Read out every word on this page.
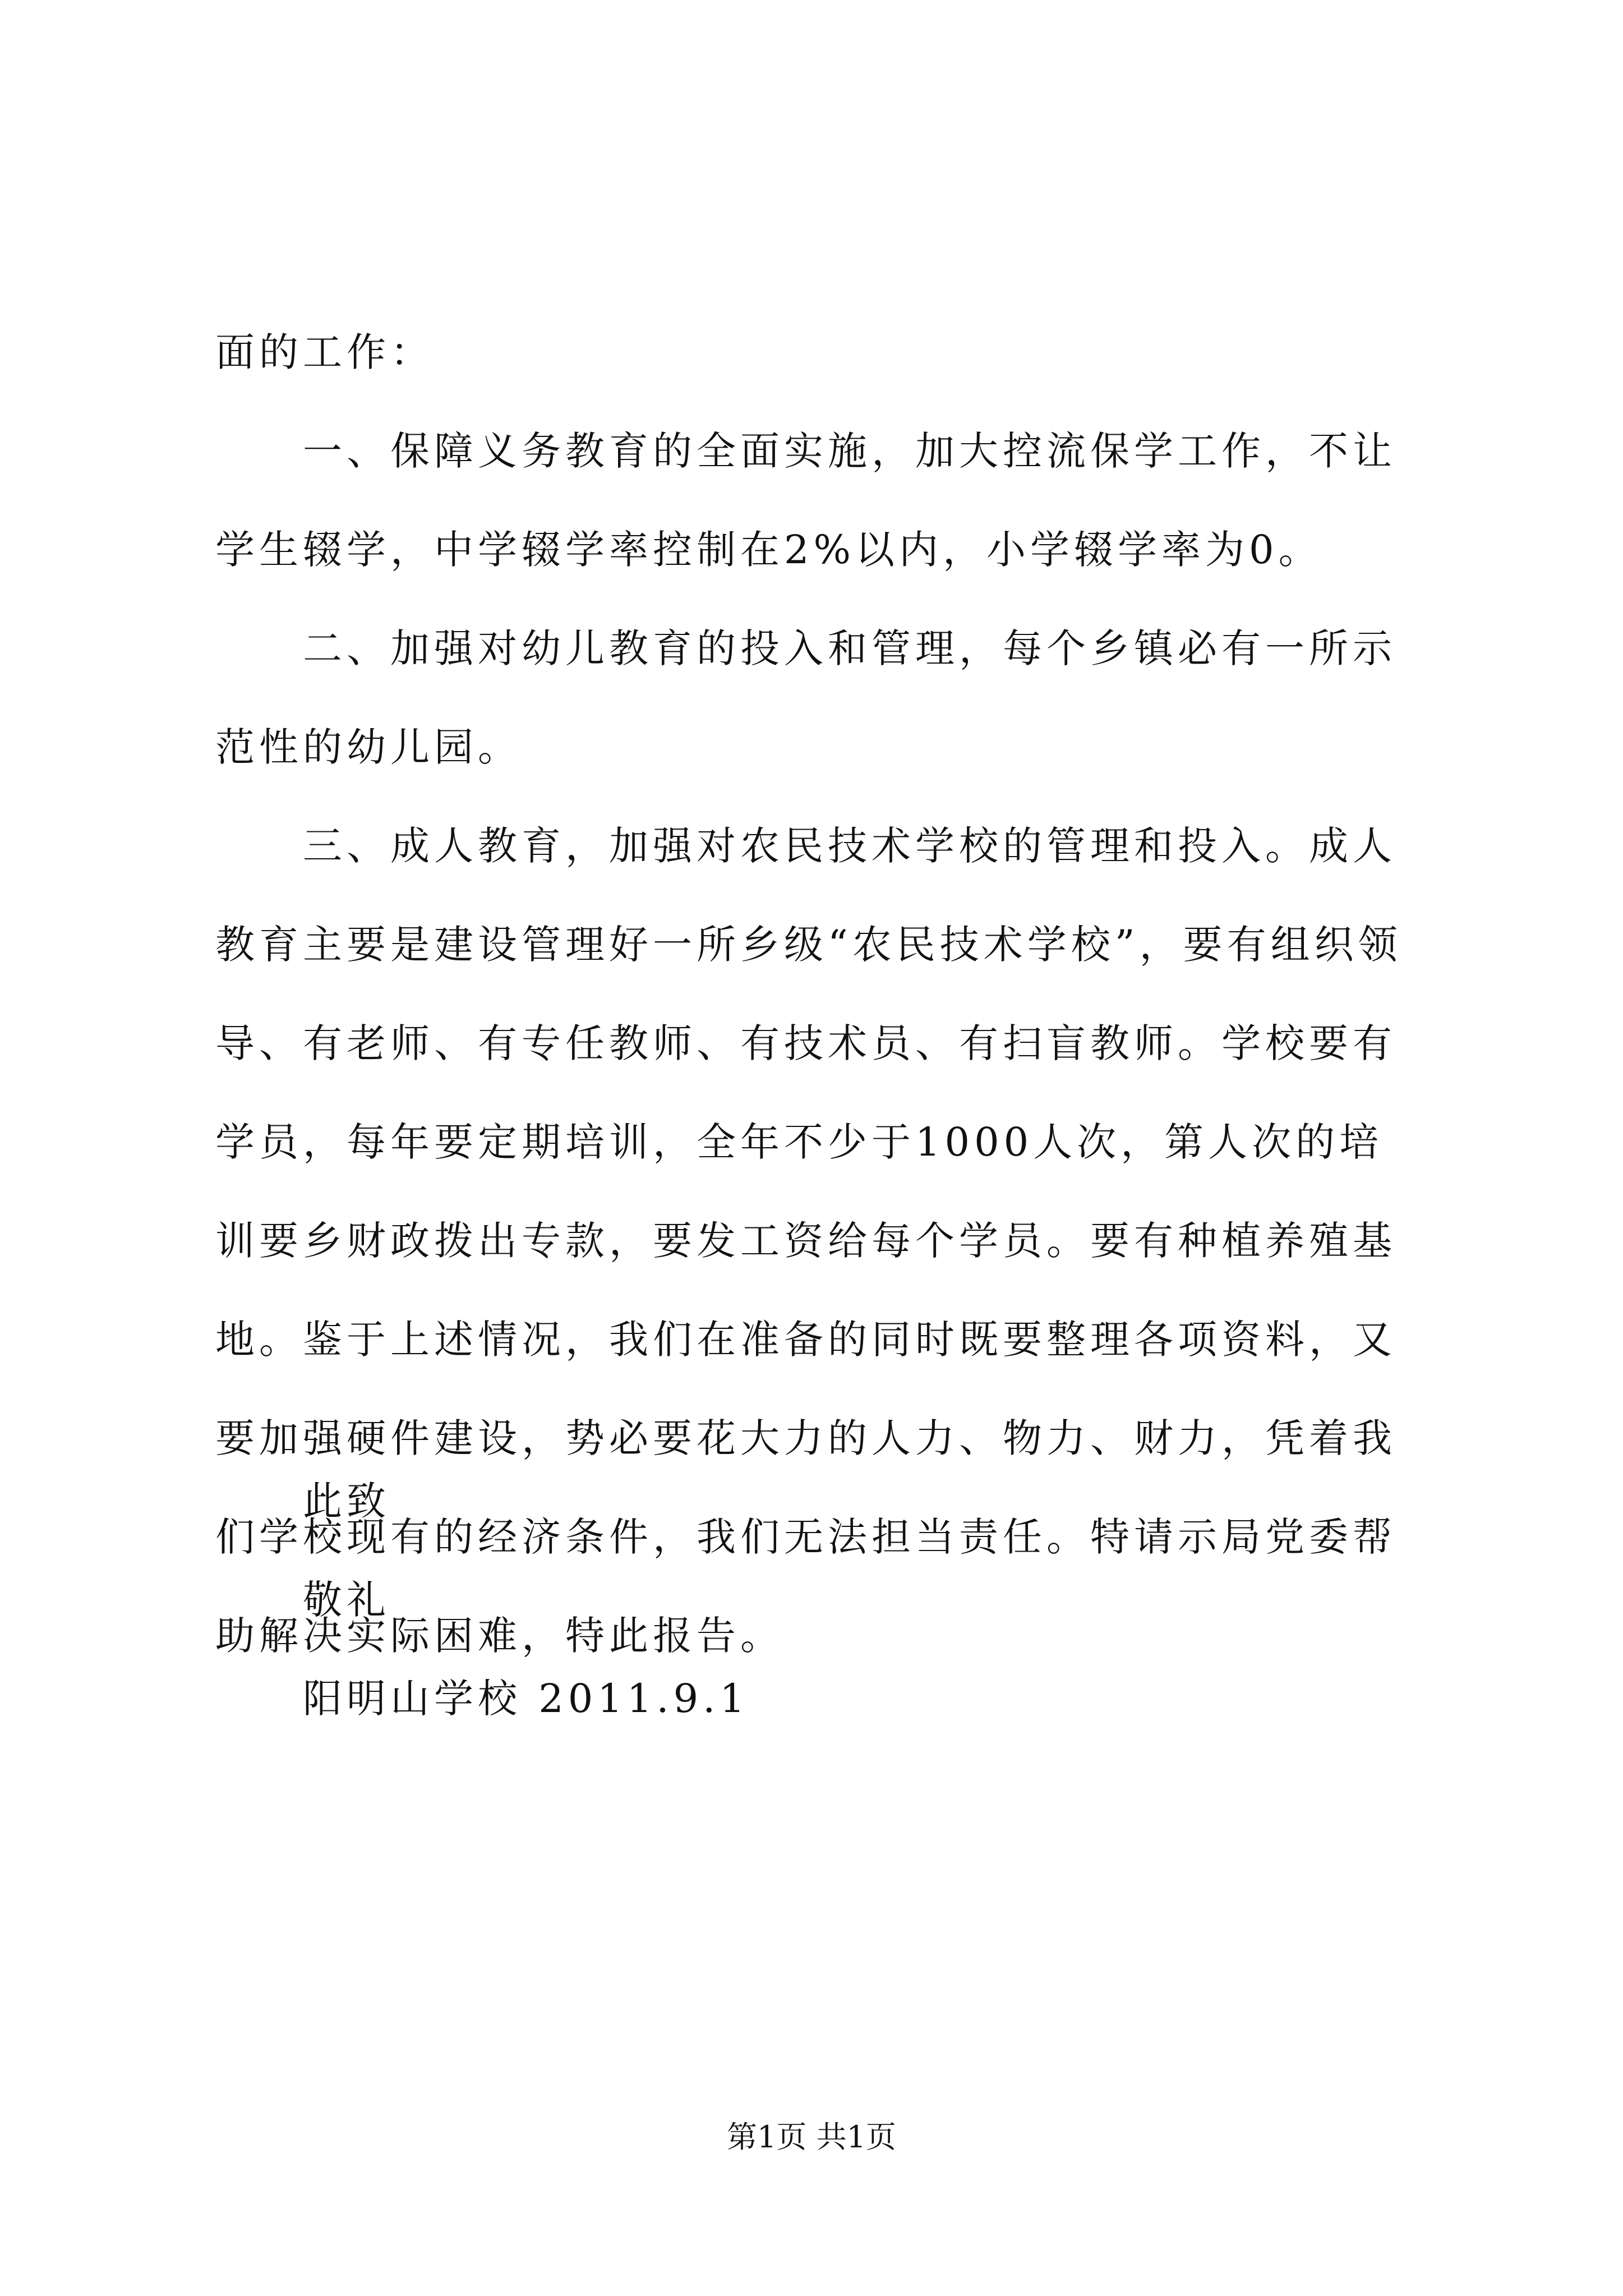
面的工作：

一、保障义务教育的全面实施，加大控流保学工作，不让学生辍学，中学辍学率控制在2%以内，小学辍学率为0。

二、加强对幼儿教育的投入和管理，每个乡镇必有一所示范性的幼儿园。

三、成人教育，加强对农民技术学校的管理和投入。成人教育主要是建设管理好一所乡级“农民技术学校”，要有组织领导、有老师、有专任教师、有技术员、有扫盲教师。学校要有学员，每年要定期培训，全年不少于1000人次，第人次的培训要乡财政拨出专款，要发工资给每个学员。要有种植养殖基地。鉴于上述情况，我们在准备的同时既要整理各项资料，又要加强硬件建设，势必要花大力的人力、物力、财力，凭着我们学校现有的经济条件，我们无法担当责任。特请示局党委帮助解决实际困难，特此报告。

此致
敬礼
阳明山学校 2011.9.1
第1页 共1页
